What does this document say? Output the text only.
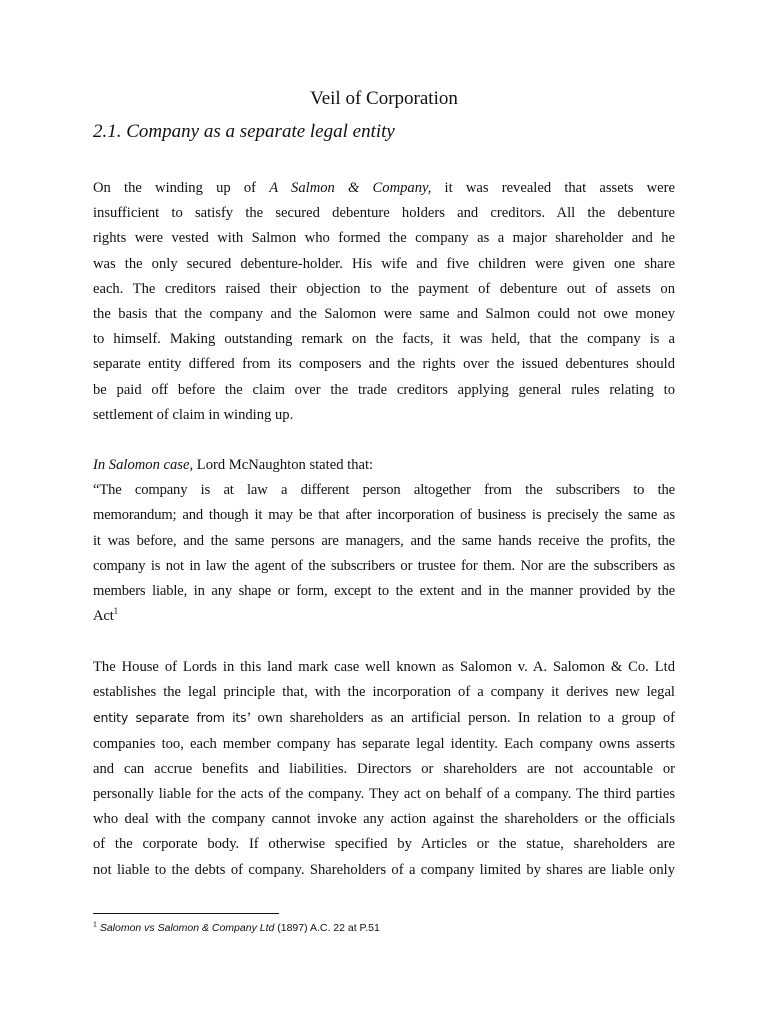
Veil of Corporation
2.1. Company as a separate legal entity
On the winding up of A Salmon & Company, it was revealed that assets were
insufficient to satisfy the secured debenture holders and creditors. All the debenture
rights were vested with Salmon who formed the company as a major shareholder and he
was the only secured debenture-holder. His wife and five children were given one share
each. The creditors raised their objection to the payment of debenture out of assets on
the basis that the company and the Salomon were same and Salmon could not owe money
to himself. Making outstanding remark on the facts, it was held, that the company is a
separate entity differed from its composers and the rights over the issued debentures should
be paid off before the claim over the trade creditors applying general rules relating to
settlement of claim in winding up.
In Salomon case, Lord McNaughton stated that:
“The company is at law a different person altogether from the subscribers to the
memorandum; and though it may be that after incorporation of business is precisely the same as
it was before, and the same persons are managers, and the same hands receive the profits, the
company is not in law the agent of the subscribers or trustee for them. Nor are the subscribers as
members liable, in any shape or form, except to the extent and in the manner provided by the
Act$^1$
The House of Lords in this land mark case well known as Salomon v. A. Salomon & Co. Ltd
establishes the legal principle that, with the incorporation of a company it derives new legal
entity separate from its’ own shareholders as an artificial person. In relation to a group of
companies too, each member company has separate legal identity. Each company owns asserts
and can accrue benefits and liabilities. Directors or shareholders are not accountable or
personally liable for the acts of the company. They act on behalf of a company. The third parties
who deal with the company cannot invoke any action against the shareholders or the officials
of the corporate body. If otherwise specified by Articles or the statue, shareholders are
not liable to the debts of company. Shareholders of a company limited by shares are liable only

$^1$ Salomon vs Salomon & Company Ltd (1897) A.C. 22 at P.51
